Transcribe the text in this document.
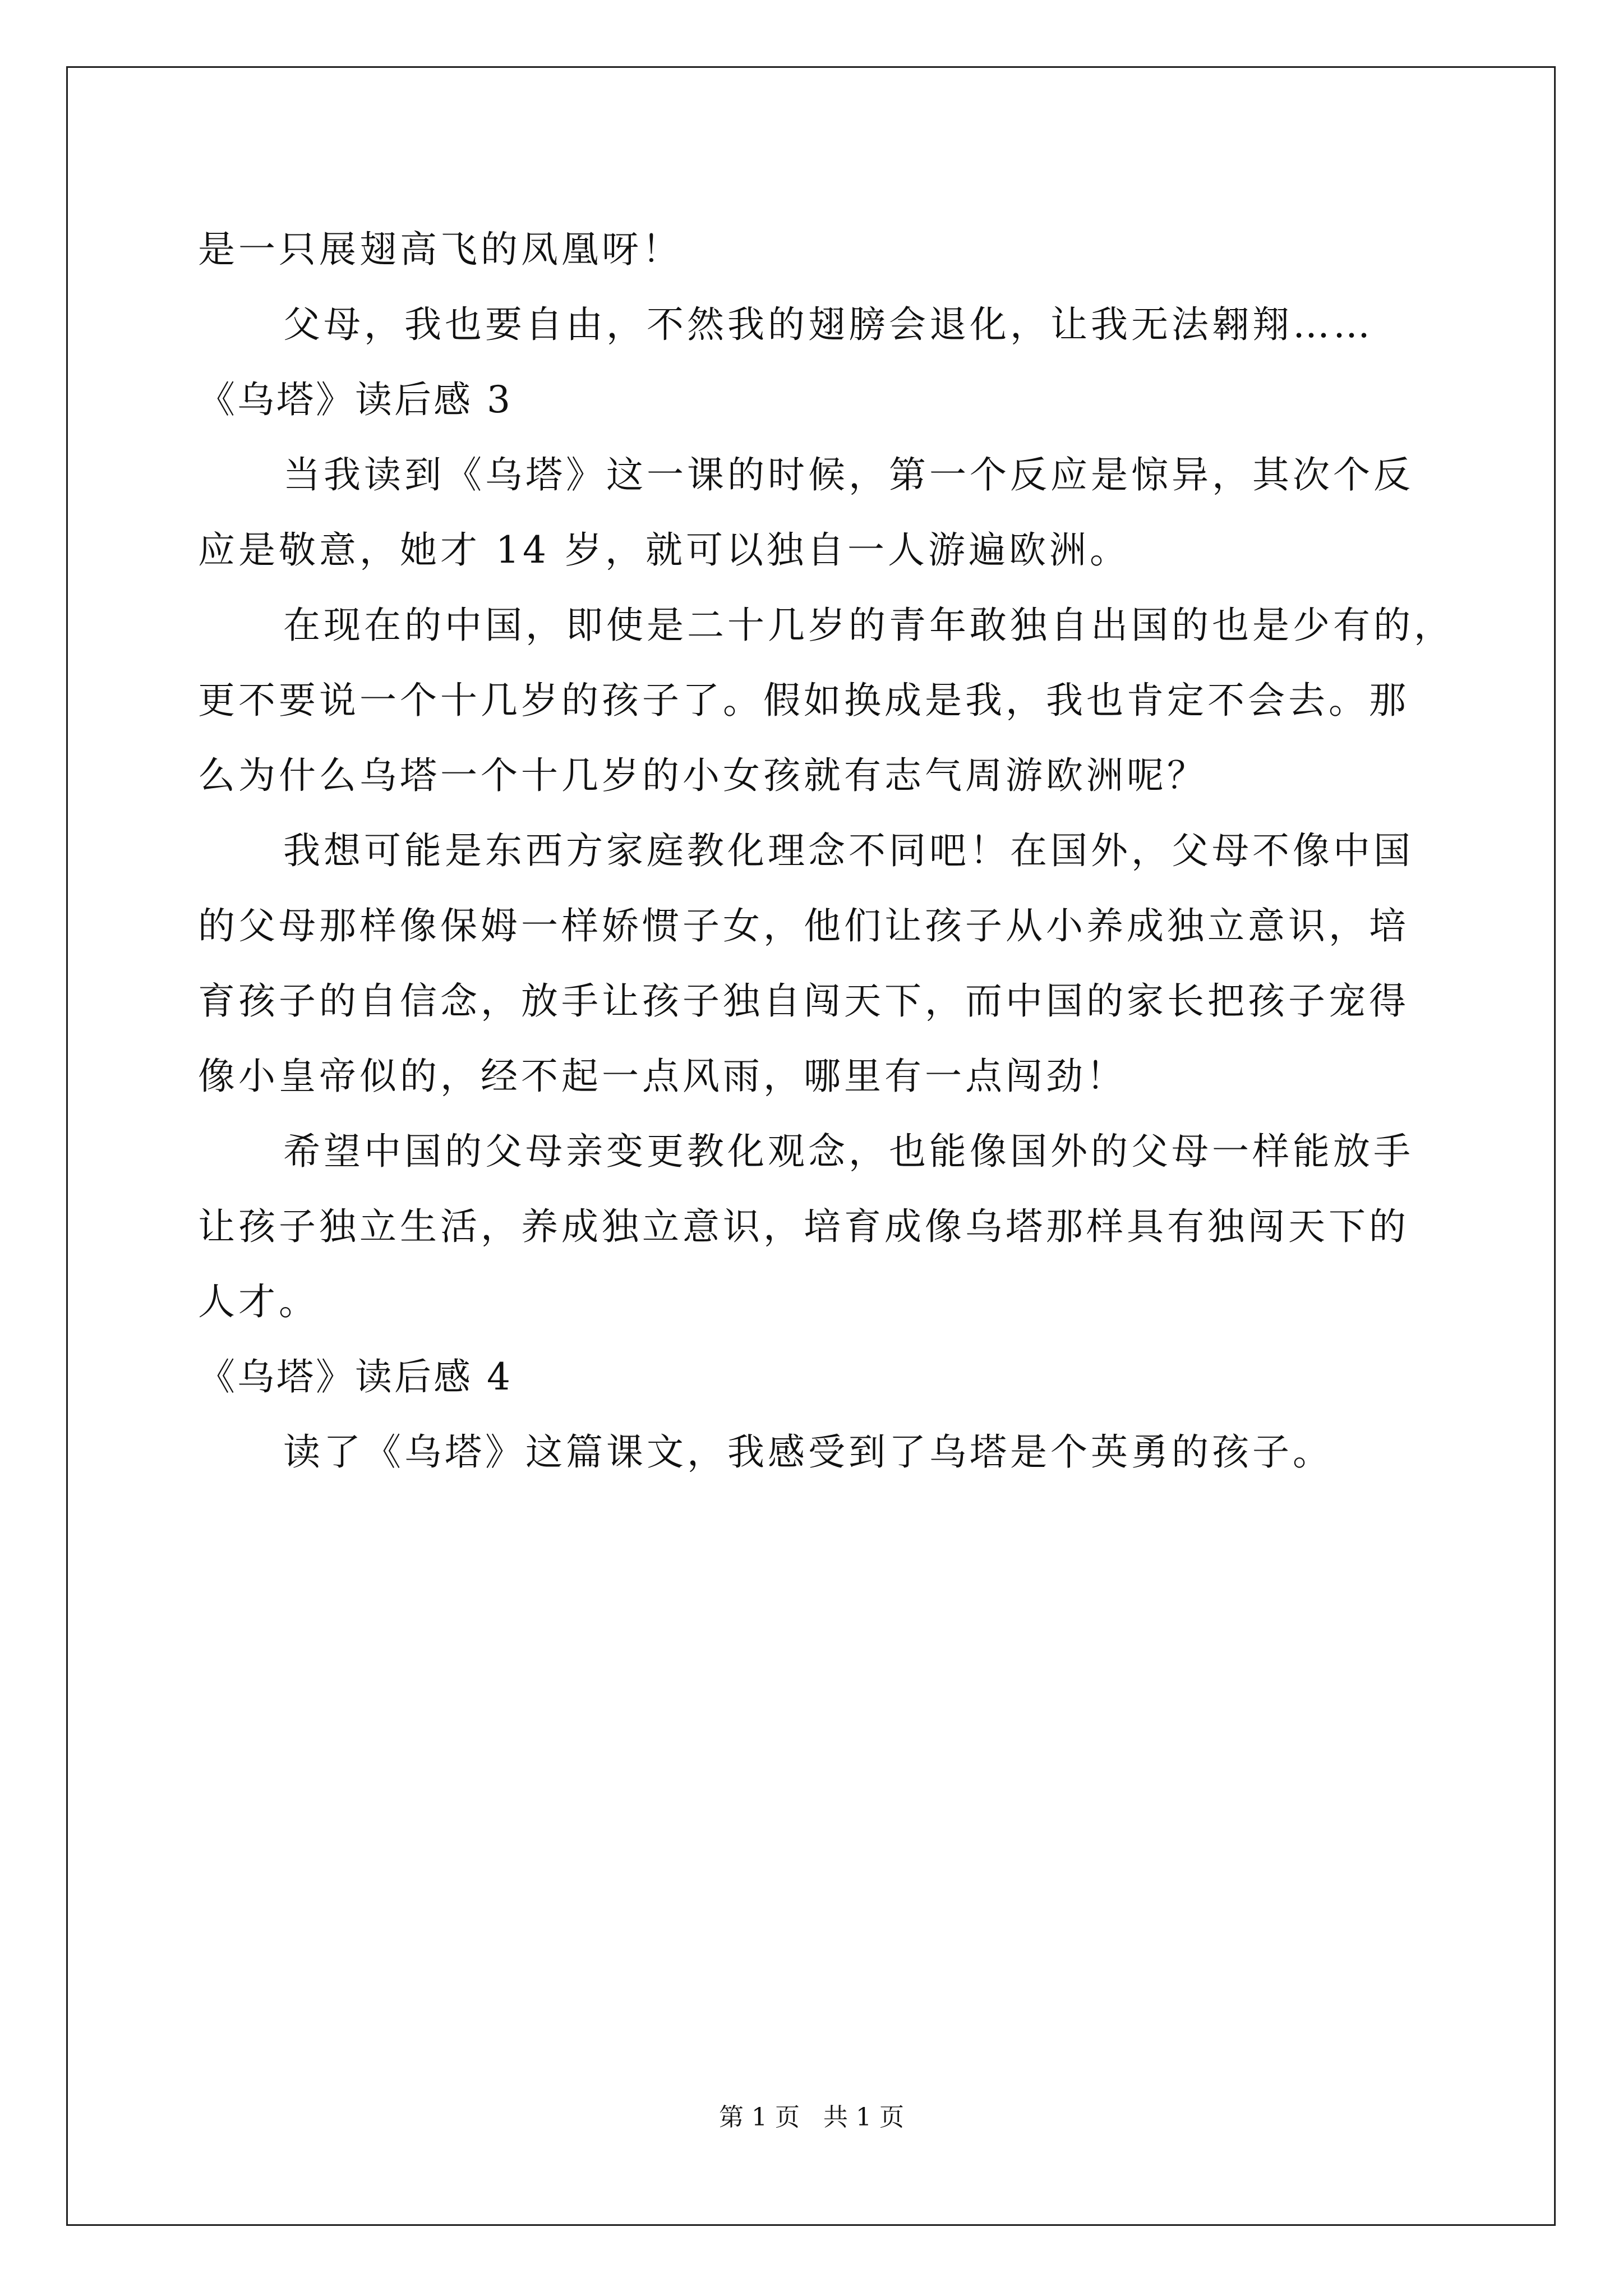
是一只展翅高飞的凤凰呀！
父母，我也要自由，不然我的翅膀会退化，让我无法翱翔……
《乌塔》读后感 3
当我读到《乌塔》这一课的时候，第一个反应是惊异，其次个反
应是敬意，她才 14 岁，就可以独自一人游遍欧洲。
在现在的中国，即使是二十几岁的青年敢独自出国的也是少有的，
更不要说一个十几岁的孩子了。假如换成是我，我也肯定不会去。那
么为什么乌塔一个十几岁的小女孩就有志气周游欧洲呢？
我想可能是东西方家庭教化理念不同吧！在国外，父母不像中国
的父母那样像保姆一样娇惯子女，他们让孩子从小养成独立意识，培
育孩子的自信念，放手让孩子独自闯天下，而中国的家长把孩子宠得
像小皇帝似的，经不起一点风雨，哪里有一点闯劲！
希望中国的父母亲变更教化观念，也能像国外的父母一样能放手
让孩子独立生活，养成独立意识，培育成像乌塔那样具有独闯天下的
人才。
《乌塔》读后感 4
读了《乌塔》这篇课文，我感受到了乌塔是个英勇的孩子。
第 1 页 共 1 页
